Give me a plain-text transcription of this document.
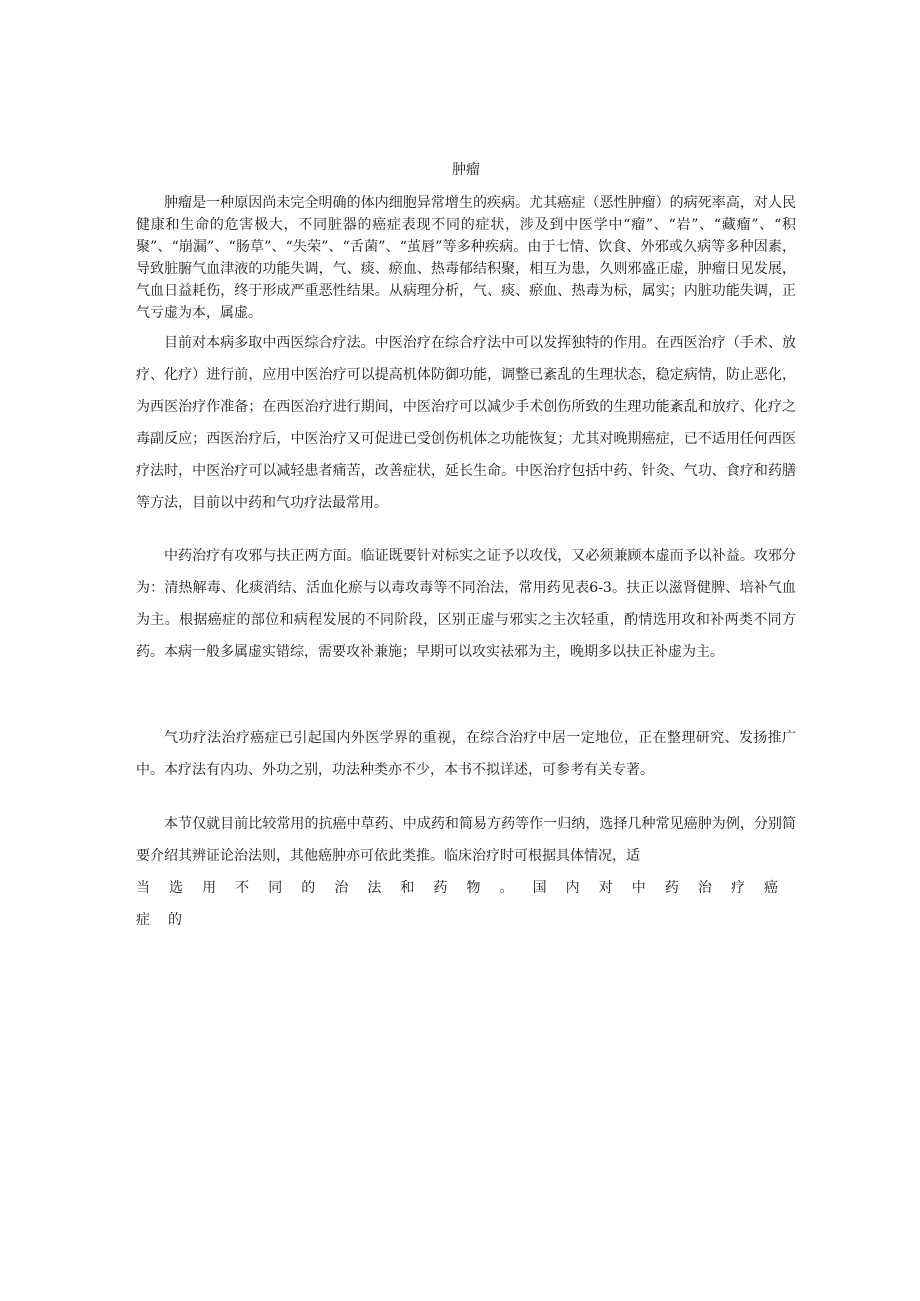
肿瘤

肿瘤是一种原因尚未完全明确的体内细胞异常增生的疾病。尤其癌症（恶性肿瘤）的病死率高，对人民健康和生命的危害极大，不同脏器的癌症表现不同的症状，涉及到中医学中“瘤”、“岩”、“藏瘤”、“积聚”、“崩漏”、“肠草”、“失荣”、“舌菌”、“茧唇”等多种疾病。由于七情、饮食、外邪或久病等多种因素，导致脏腑气血津液的功能失调，气、痰、瘀血、热毒郁结积聚，相互为患，久则邪盛正虚，肿瘤日见发展，气血日益耗伤，终于形成严重恶性结果。从病理分析，气、痰、瘀血、热毒为标，属实；内脏功能失调，正气亏虚为本，属虚。

目前对本病多取中西医综合疗法。中医治疗在综合疗法中可以发挥独特的作用。在西医治疗（手术、放疗、化疗）进行前，应用中医治疗可以提高机体防御功能，调整已紊乱的生理状态，稳定病情，防止恶化，为西医治疗作准备；在西医治疗进行期间，中医治疗可以减少手术创伤所致的生理功能紊乱和放疗、化疗之毒副反应；西医治疗后，中医治疗又可促进已受创伤机体之功能恢复；尤其对晚期癌症，已不适用任何西医疗法时，中医治疗可以减轻患者痛苦，改善症状，延长生命。中医治疗包括中药、针灸、气功、食疗和药膳等方法，目前以中药和气功疗法最常用。

中药治疗有攻邪与扶正两方面。临证既要针对标实之证予以攻伐，又必须兼顾本虚而予以补益。攻邪分为：清热解毒、化痰消结、活血化瘀与以毒攻毒等不同治法，常用药见表6-3。扶正以滋肾健脾、培补气血为主。根据癌症的部位和病程发展的不同阶段，区别正虚与邪实之主次轻重，酌情选用攻和补两类不同方药。本病一般多属虚实错综，需要攻补兼施；早期可以攻实祛邪为主，晚期多以扶正补虚为主。

气功疗法治疗癌症已引起国内外医学界的重视，在综合治疗中居一定地位，正在整理研究、发扬推广中。本疗法有内功、外功之别，功法种类亦不少，本书不拟详述，可参考有关专著。

本节仅就目前比较常用的抗癌中草药、中成药和简易方药等作一归纳，选择几种常见癌肿为例，分别简要介绍其辨证论治法则，其他癌肿亦可依此类推。临床治疗时可根据具体情况，适

当选用不同的治法和药物。国内对中药治疗癌症的
